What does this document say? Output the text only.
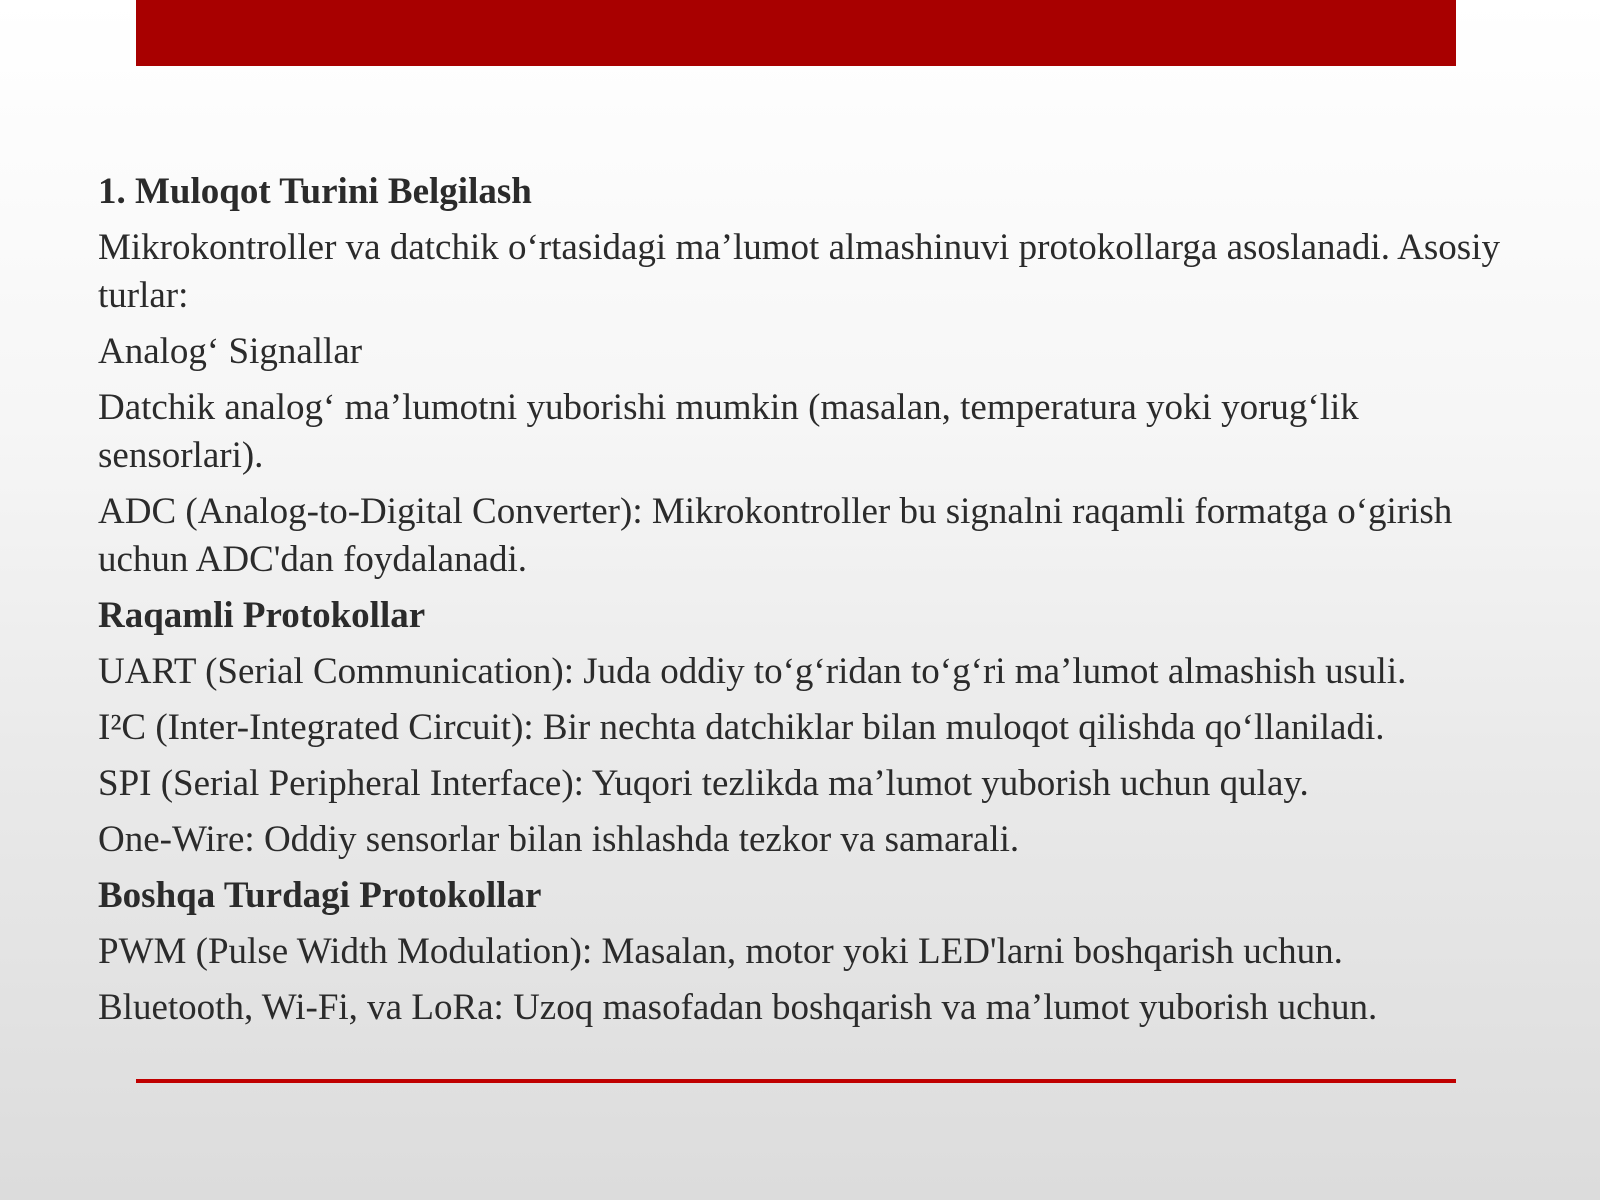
1. Muloqot Turini Belgilash
Mikrokontroller va datchik o‘rtasidagi ma’lumot almashinuvi protokollarga asoslanadi. Asosiy turlar:
Analog‘ Signallar
Datchik analog‘ ma’lumotni yuborishi mumkin (masalan, temperatura yoki yorug‘lik sensorlari).
ADC (Analog-to-Digital Converter): Mikrokontroller bu signalni raqamli formatga o‘girish uchun ADC'dan foydalanadi.
Raqamli Protokollar
UART (Serial Communication): Juda oddiy to‘g‘ridan to‘g‘ri ma’lumot almashish usuli.
I²C (Inter-Integrated Circuit): Bir nechta datchiklar bilan muloqot qilishda qo‘llaniladi.
SPI (Serial Peripheral Interface): Yuqori tezlikda ma’lumot yuborish uchun qulay.
One-Wire: Oddiy sensorlar bilan ishlashda tezkor va samarali.
Boshqa Turdagi Protokollar
PWM (Pulse Width Modulation): Masalan, motor yoki LED'larni boshqarish uchun.
Bluetooth, Wi-Fi, va LoRa: Uzoq masofadan boshqarish va ma’lumot yuborish uchun.
